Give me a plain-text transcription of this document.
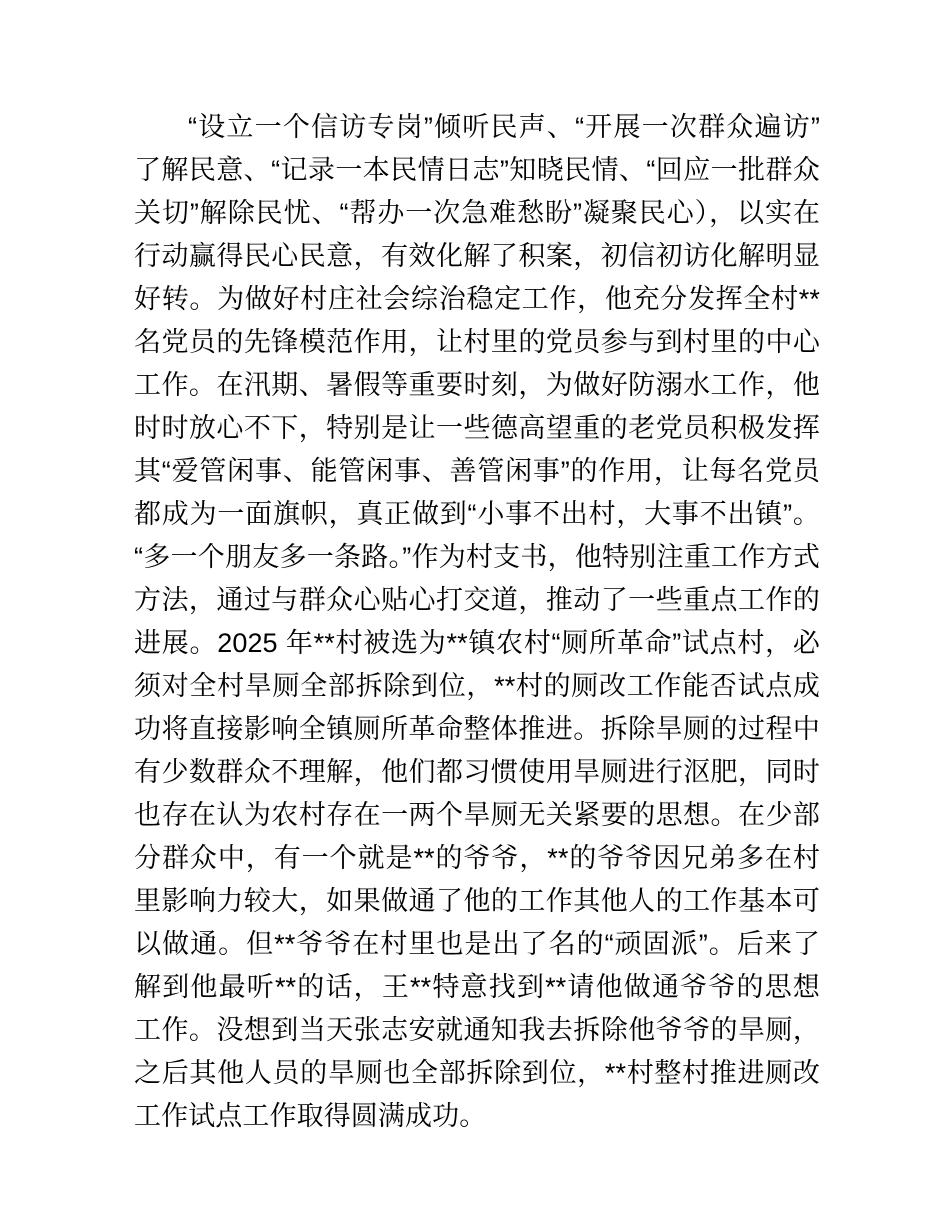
“设立一个信访专岗”倾听民声、“开展一次群众遍访”了解民意、“记录一本民情日志”知晓民情、“回应一批群众关切”解除民忧、“帮办一次急难愁盼”凝聚民心），以实在行动赢得民心民意，有效化解了积案，初信初访化解明显好转。为做好村庄社会综治稳定工作，他充分发挥全村**名党员的先锋模范作用，让村里的党员参与到村里的中心工作。在汛期、暑假等重要时刻，为做好防溺水工作，他时时放心不下，特别是让一些德高望重的老党员积极发挥其“爱管闲事、能管闲事、善管闲事”的作用，让每名党员都成为一面旗帜，真正做到“小事不出村，大事不出镇”。“多一个朋友多一条路。”作为村支书，他特别注重工作方式方法，通过与群众心贴心打交道，推动了一些重点工作的进展。2025 年**村被选为**镇农村“厕所革命”试点村，必须对全村旱厕全部拆除到位，**村的厕改工作能否试点成功将直接影响全镇厕所革命整体推进。拆除旱厕的过程中有少数群众不理解，他们都习惯使用旱厕进行沤肥，同时也存在认为农村存在一两个旱厕无关紧要的思想。在少部分群众中，有一个就是**的爷爷，**的爷爷因兄弟多在村里影响力较大，如果做通了他的工作其他人的工作基本可以做通。但**爷爷在村里也是出了名的“顽固派”。后来了解到他最听**的话，王**特意找到**请他做通爷爷的思想工作。没想到当天张志安就通知我去拆除他爷爷的旱厕，之后其他人员的旱厕也全部拆除到位，**村整村推进厕改工作试点工作取得圆满成功。
